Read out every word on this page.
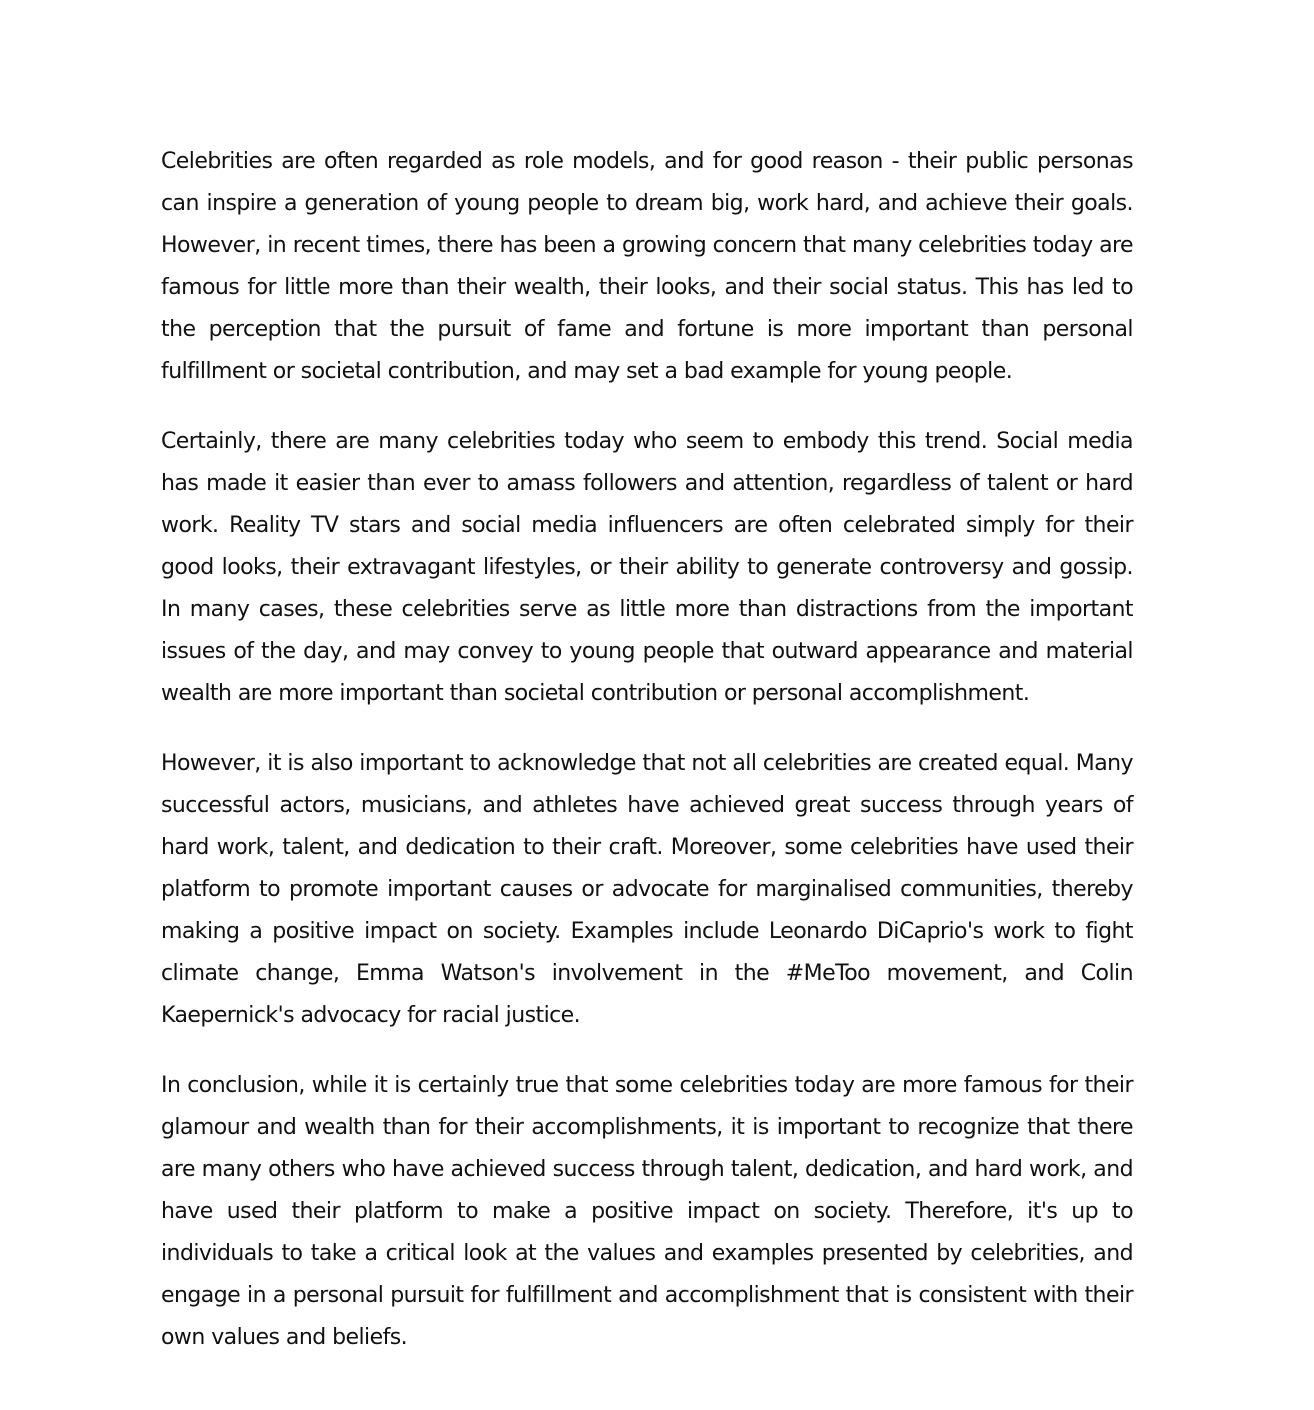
Celebrities are often regarded as role models, and for good reason - their public personas can inspire a generation of young people to dream big, work hard, and achieve their goals. However, in recent times, there has been a growing concern that many celebrities today are famous for little more than their wealth, their looks, and their social status. This has led to the perception that the pursuit of fame and fortune is more important than personal fulfillment or societal contribution, and may set a bad example for young people.

Certainly, there are many celebrities today who seem to embody this trend. Social media has made it easier than ever to amass followers and attention, regardless of talent or hard work. Reality TV stars and social media influencers are often celebrated simply for their good looks, their extravagant lifestyles, or their ability to generate controversy and gossip. In many cases, these celebrities serve as little more than distractions from the important issues of the day, and may convey to young people that outward appearance and material wealth are more important than societal contribution or personal accomplishment.

However, it is also important to acknowledge that not all celebrities are created equal. Many successful actors, musicians, and athletes have achieved great success through years of hard work, talent, and dedication to their craft. Moreover, some celebrities have used their platform to promote important causes or advocate for marginalised communities, thereby making a positive impact on society. Examples include Leonardo DiCaprio's work to fight climate change, Emma Watson's involvement in the #MeToo movement, and Colin Kaepernick's advocacy for racial justice.

In conclusion, while it is certainly true that some celebrities today are more famous for their glamour and wealth than for their accomplishments, it is important to recognize that there are many others who have achieved success through talent, dedication, and hard work, and have used their platform to make a positive impact on society. Therefore, it's up to individuals to take a critical look at the values and examples presented by celebrities, and engage in a personal pursuit for fulfillment and accomplishment that is consistent with their own values and beliefs.
